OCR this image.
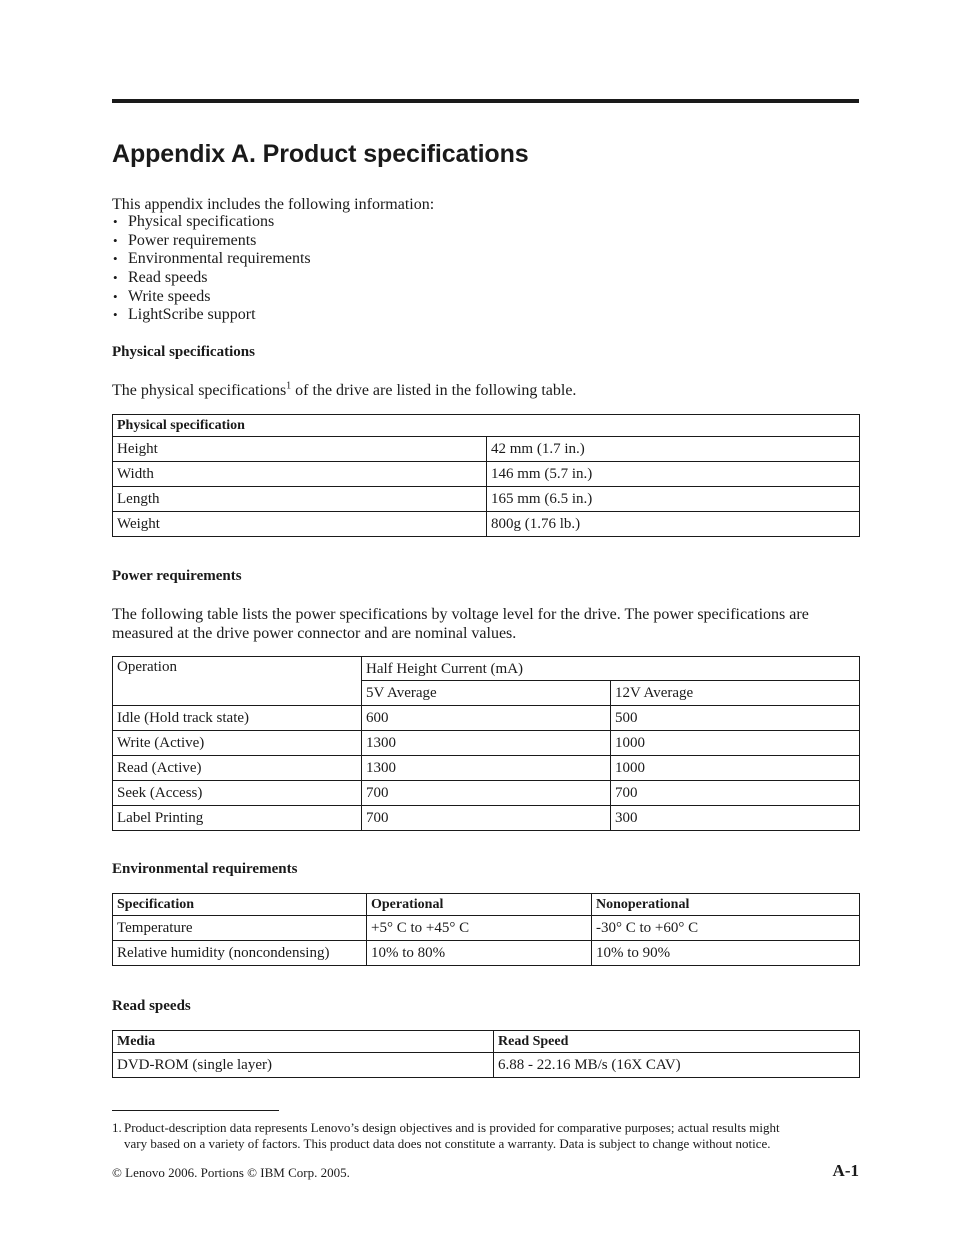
Appendix A. Product specifications

This appendix includes the following information:

• Physical specifications
• Power requirements
• Environmental requirements
• Read speeds
• Write speeds
• LightScribe support
Physical specifications

The physical specifications$^1$ of the drive are listed in the following table.

Physical specification	
Height	42 mm (1.7 in.)
Width	146 mm (5.7 in.)
Length	165 mm (6.5 in.)
Weight	800g (1.76 lb.)
Power requirements

The following table lists the power specifications by voltage level for the drive. The power specifications are measured at the drive power connector and are nominal values.

Operation	Half Height Current (mA)	
	5V Average	12V Average
Idle (Hold track state)	600	500
Write (Active)	1300	1000
Read (Active)	1300	1000
Seek (Access)	700	700
Label Printing	700	300
Environmental requirements
Specification	Operational	Nonoperational
Temperature	+5° C to +45° C	-30° C to +60° C
Relative humidity (noncondensing)	10% to 80%	10% to 90%
Read speeds
Media	Read Speed
DVD-ROM (single layer)	6.88 - 22.16 MB/s (16X CAV)
1. Product-description data represents Lenovo’s design objectives and is provided for comparative purposes; actual results might
vary based on a variety of factors. This product data does not constitute a warranty. Data is subject to change without notice.

© Lenovo 2006. Portions © IBM Corp. 2005.	A-1
